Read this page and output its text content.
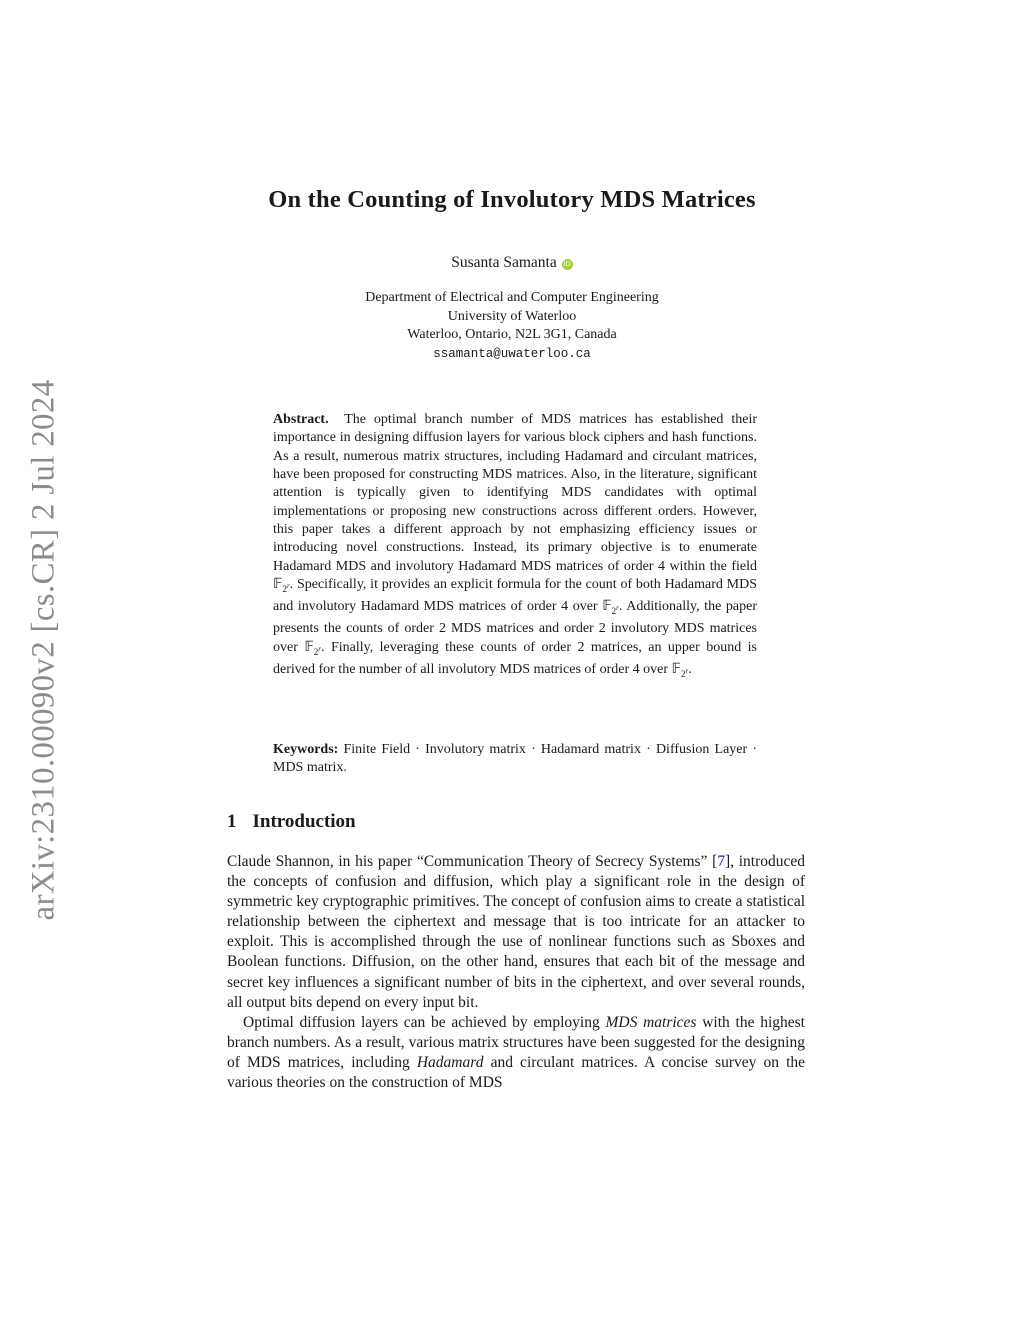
arXiv:2310.00090v2 [cs.CR] 2 Jul 2024
On the Counting of Involutory MDS Matrices
Susanta Samanta iD
Department of Electrical and Computer Engineering
University of Waterloo
Waterloo, Ontario, N2L 3G1, Canada
ssamanta@uwaterloo.ca

Abstract. The optimal branch number of MDS matrices has established their importance in designing diffusion layers for various block ciphers and hash functions. As a result, numerous matrix structures, including Hadamard and circulant matrices, have been proposed for constructing MDS matrices. Also, in the literature, significant attention is typically given to identifying MDS candidates with optimal implementations or proposing new constructions across different orders. However, this paper takes a different approach by not emphasizing efficiency issues or introducing novel constructions. Instead, its primary objective is to enumerate Hadamard MDS and involutory Hadamard MDS matrices of order 4 within the field 𝔽$_{2^r}$. Specifically, it provides an explicit formula for the count of both Hadamard MDS and involutory Hadamard MDS matrices of order 4 over 𝔽$_{2^r}$. Additionally, the paper presents the counts of order 2 MDS matrices and order 2 involutory MDS matrices over 𝔽$_{2^r}$. Finally, leveraging these counts of order 2 matrices, an upper bound is derived for the number of all involutory MDS matrices of order 4 over 𝔽$_{2^r}$.

Keywords: Finite Field · Involutory matrix · Hadamard matrix · Diffusion Layer · MDS matrix.
1 Introduction

Claude Shannon, in his paper “Communication Theory of Secrecy Systems” [7], introduced the concepts of confusion and diffusion, which play a significant role in the design of symmetric key cryptographic primitives. The concept of confusion aims to create a statistical relationship between the ciphertext and message that is too intricate for an attacker to exploit. This is accomplished through the use of nonlinear functions such as Sboxes and Boolean functions. Diffusion, on the other hand, ensures that each bit of the message and secret key influences a significant number of bits in the ciphertext, and over several rounds, all output bits depend on every input bit.

Optimal diffusion layers can be achieved by employing MDS matrices with the highest branch numbers. As a result, various matrix structures have been suggested for the designing of MDS matrices, including Hadamard and circulant matrices. A concise survey on the various theories on the construction of MDS
